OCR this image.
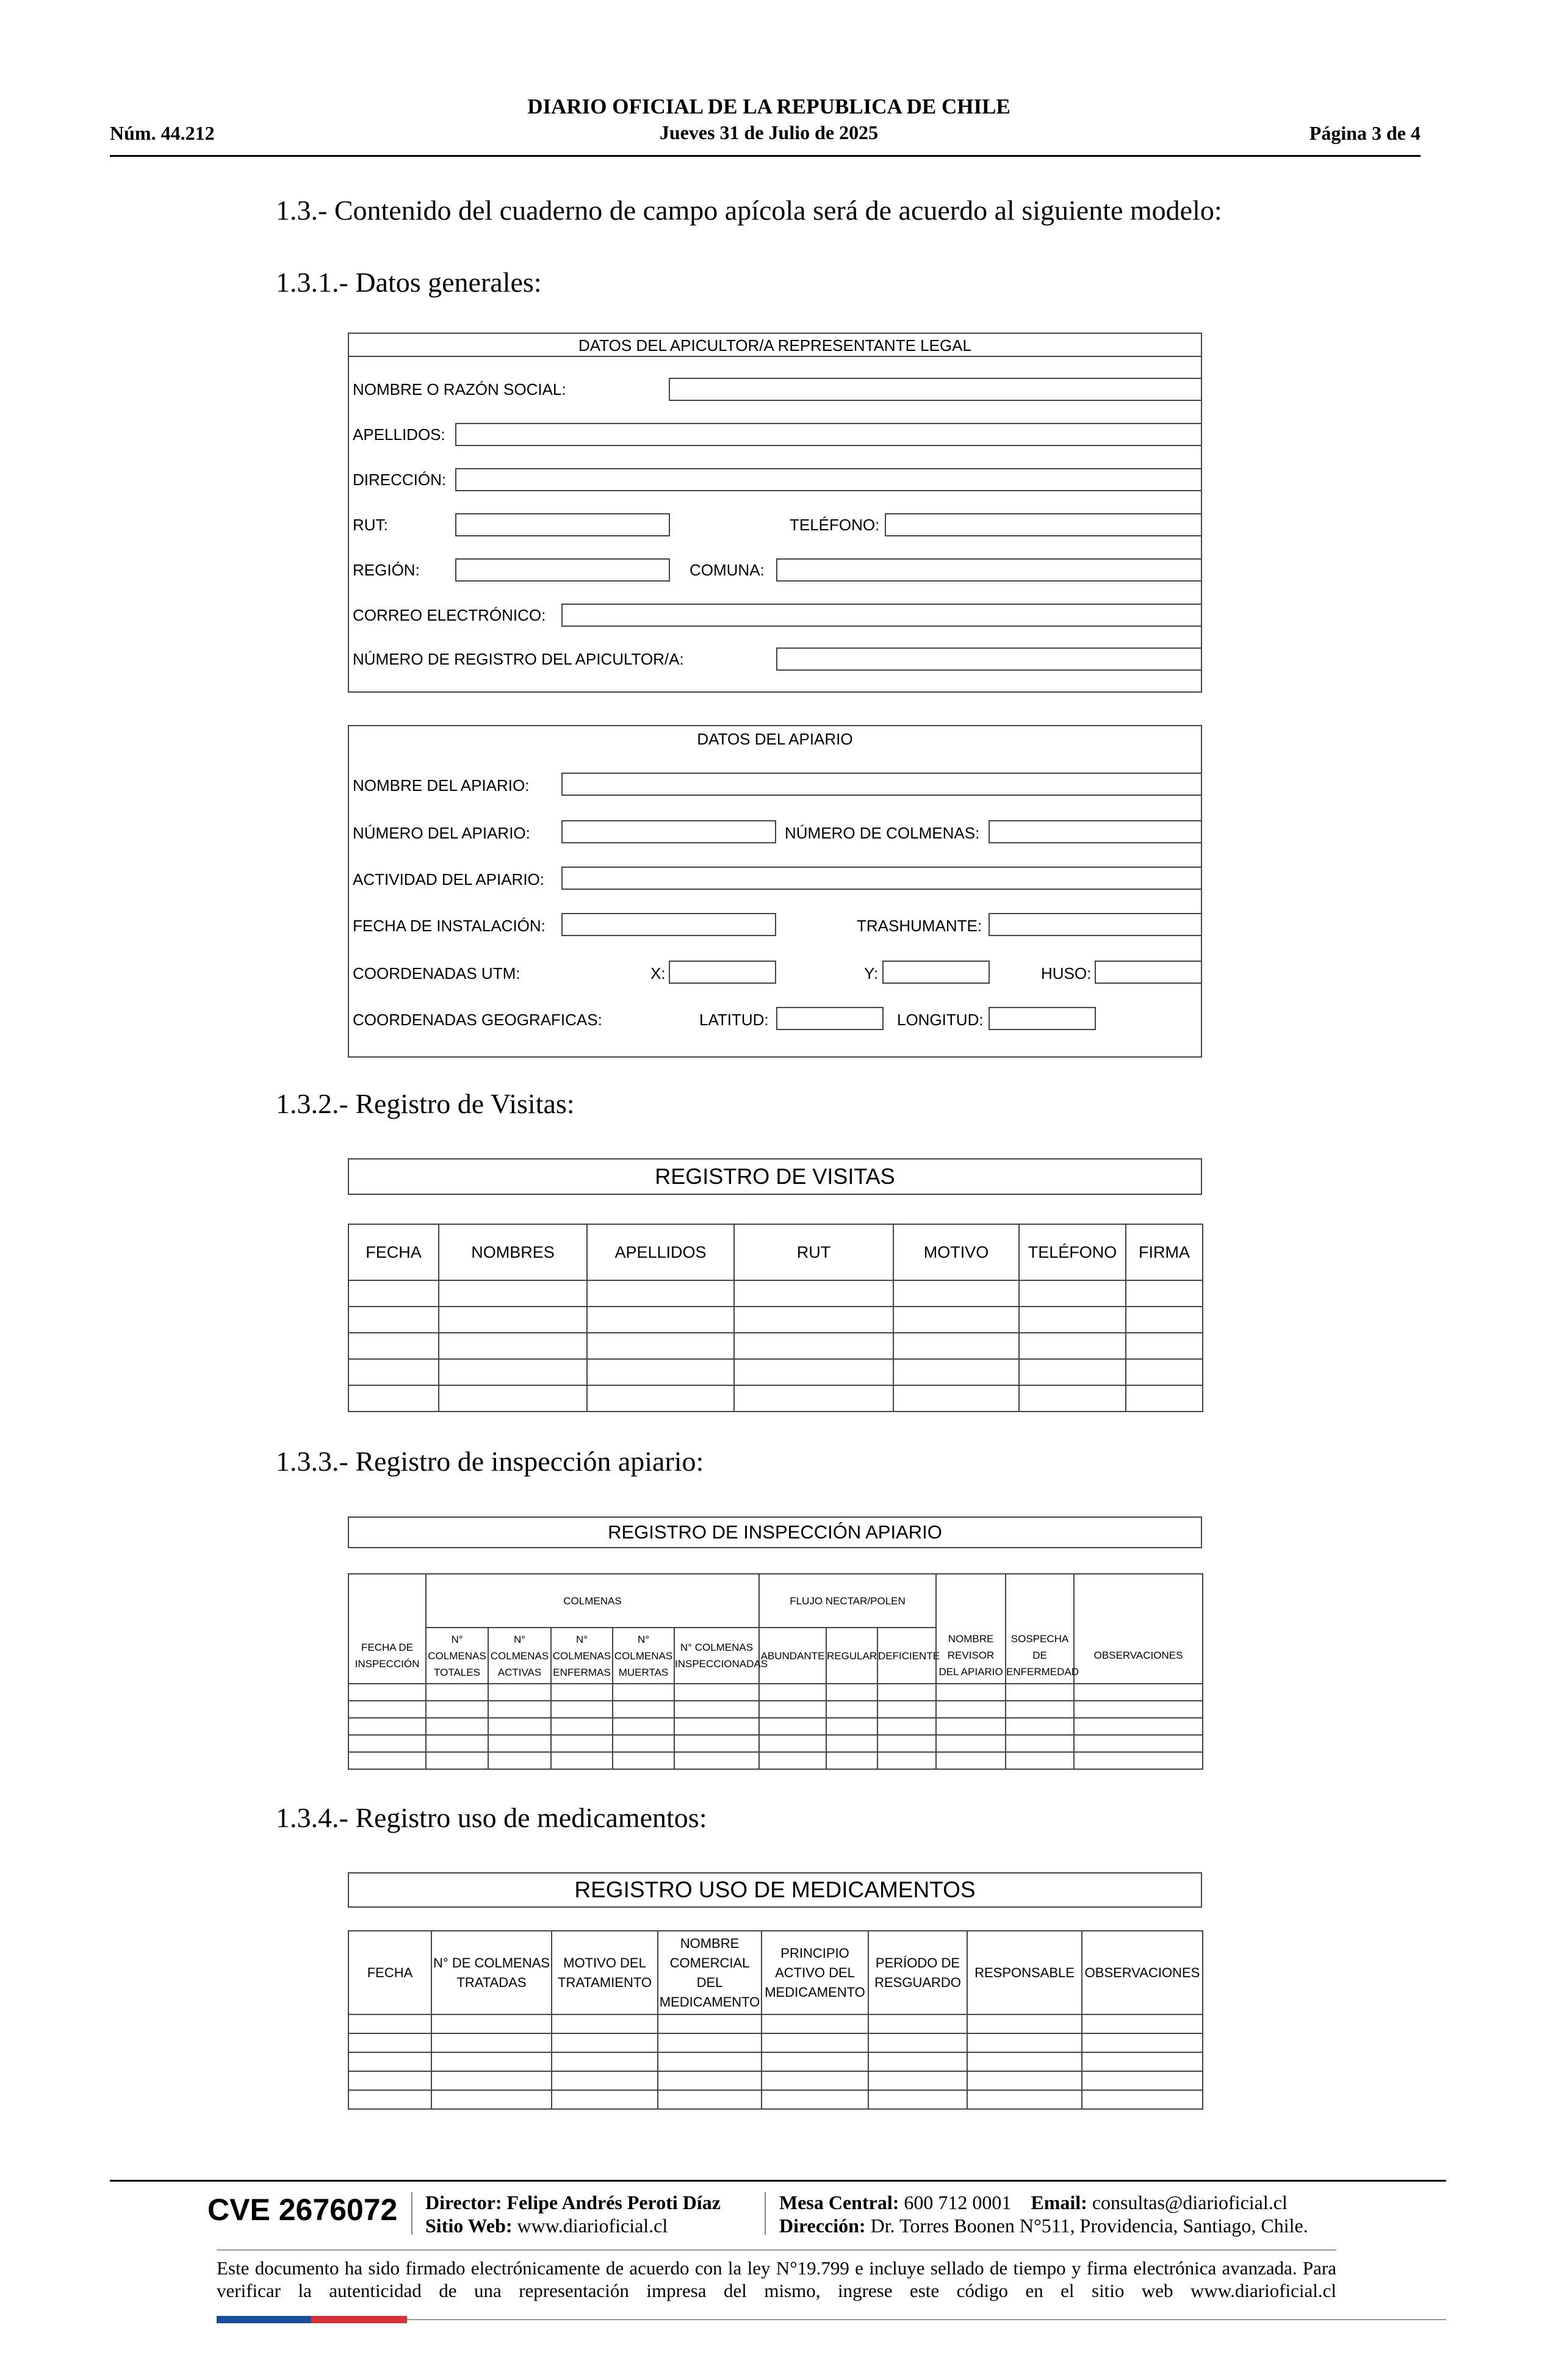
Núm. 44.212
DIARIO OFICIAL DE LA REPUBLICA DE CHILE
Jueves 31 de Julio de 2025	Página 3 de 4
1.3.- Contenido del cuaderno de campo apícola será de acuerdo al siguiente modelo:
1.3.1.- Datos generales:
DATOS DEL APICULTOR/A REPRESENTANTE LEGAL
NOMBRE O RAZÓN SOCIAL:
APELLIDOS:
DIRECCIÓN:
RUT:	TELÉFONO:
REGIÓN:	COMUNA:
CORREO ELECTRÓNICO:
NÚMERO DE REGISTRO DEL APICULTOR/A:
DATOS DEL APIARIO
NOMBRE DEL APIARIO:
NÚMERO DEL APIARIO:	NÚMERO DE COLMENAS:
ACTIVIDAD DEL APIARIO:
FECHA DE INSTALACIÓN:	TRASHUMANTE:
COORDENADAS UTM:	X:	Y:	HUSO:
COORDENADAS GEOGRAFICAS:	LATITUD:	LONGITUD:
1.3.2.- Registro de Visitas:
REGISTRO DE VISITAS
FECHA	NOMBRES	APELLIDOS	RUT	MOTIVO	TELÉFONO	FIRMA

1.3.3.- Registro de inspección apiario:
REGISTRO DE INSPECCIÓN APIARIO
	COLMENAS					FLUJO NECTAR/POLEN					
FECHA DE INSPECCIÓN	N° COLMENAS TOTALES	N° COLMENAS ACTIVAS	N° COLMENAS ENFERMAS	N° COLMENAS MUERTAS	N° COLMENAS INSPECCIONADAS	ABUNDANTE	REGULAR	DEFICIENTE	NOMBRE REVISOR DEL APIARIO	SOSPECHA DE ENFERMEDAD	OBSERVACIONES

1.3.4.- Registro uso de medicamentos:
REGISTRO USO DE MEDICAMENTOS
FECHA	N° DE COLMENAS TRATADAS	MOTIVO DEL TRATAMIENTO	NOMBRE COMERCIAL DEL MEDICAMENTO	PRINCIPIO ACTIVO DEL MEDICAMENTO	PERÍODO DE RESGUARDO	RESPONSABLE	OBSERVACIONES

CVE 2676072 Director: Felipe Andrés Peroti Díaz
Sitio Web: www.diarioficial.cl
Mesa Central: 600 712 0001 Email: consultas@diarioficial.cl
Dirección: Dr. Torres Boonen N°511, Providencia, Santiago, Chile.
Este documento ha sido firmado electrónicamente de acuerdo con la ley N°19.799 e incluye sellado de tiempo y firma electrónica avanzada. Para verificar la autenticidad de una representación impresa del mismo, ingrese este código en el sitio web www.diarioficial.cl
